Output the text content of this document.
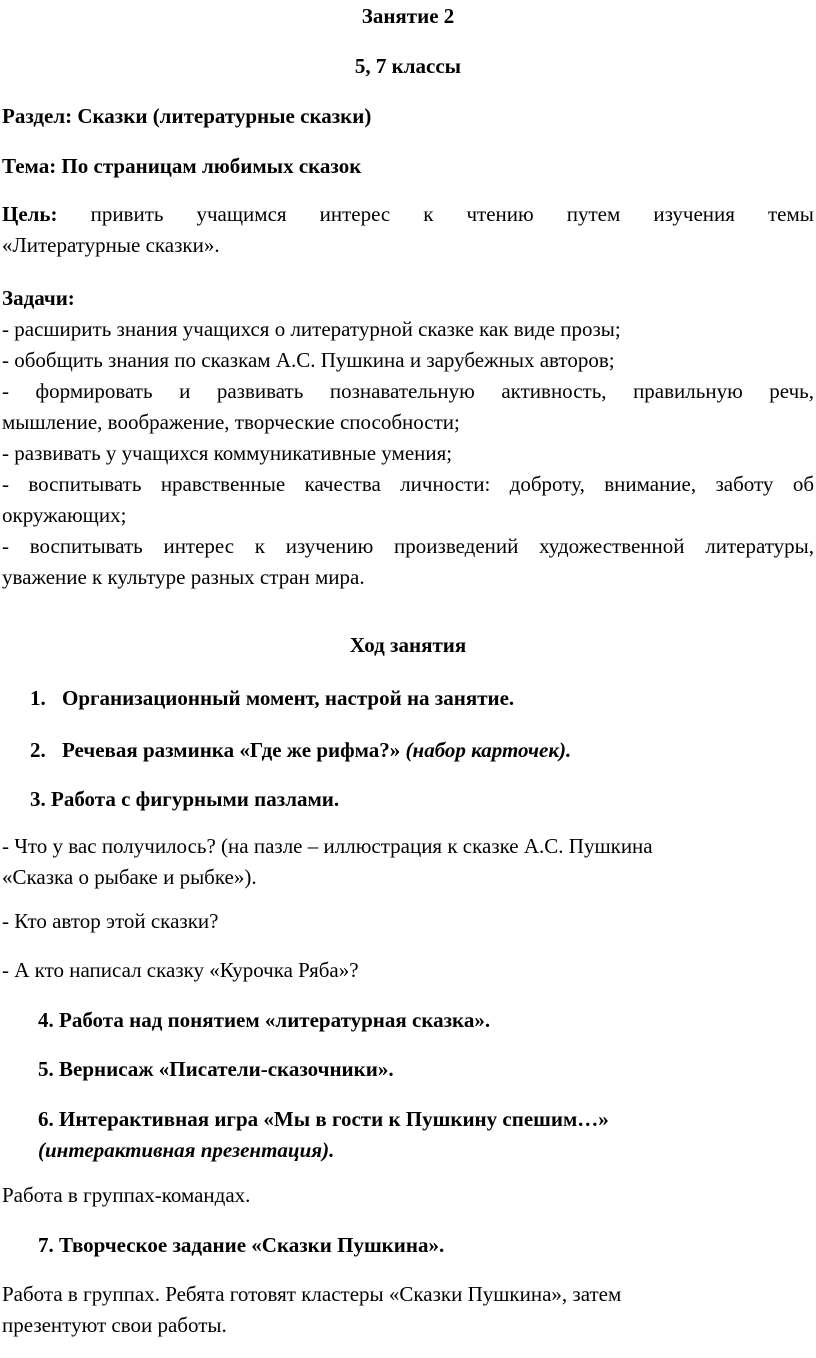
Занятие 2

5, 7 классы

Раздел: Сказки (литературные сказки)

Тема: По страницам любимых сказок

Цель: привить учащимся интерес к чтению путем изучения темы

«Литературные сказки».

Задачи:

- расширить знания учащихся о литературной сказке как виде прозы;

- обобщить знания по сказкам А.С. Пушкина и зарубежных авторов;

- формировать и развивать познавательную активность, правильную речь,

мышление, воображение, творческие способности;

- развивать у учащихся коммуникативные умения;

- воспитывать нравственные качества личности: доброту, внимание, заботу об

окружающих;

- воспитывать интерес к изучению произведений художественной литературы,

уважение к культуре разных стран мира.

Ход занятия

1. Организационный момент, настрой на занятие.

2. Речевая разминка «Где же рифма?» (набор карточек).

3. Работа с фигурными пазлами.

- Что у вас получилось? (на пазле – иллюстрация к сказке А.С. Пушкина

«Сказка о рыбаке и рыбке»).

- Кто автор этой сказки?

- А кто написал сказку «Курочка Ряба»?

4. Работа над понятием «литературная сказка».

5. Вернисаж «Писатели-сказочники».

6. Интерактивная игра «Мы в гости к Пушкину спешим…»

(интерактивная презентация).

Работа в группах-командах.

7. Творческое задание «Сказки Пушкина».

Работа в группах. Ребята готовят кластеры «Сказки Пушкина», затем

презентуют свои работы.
